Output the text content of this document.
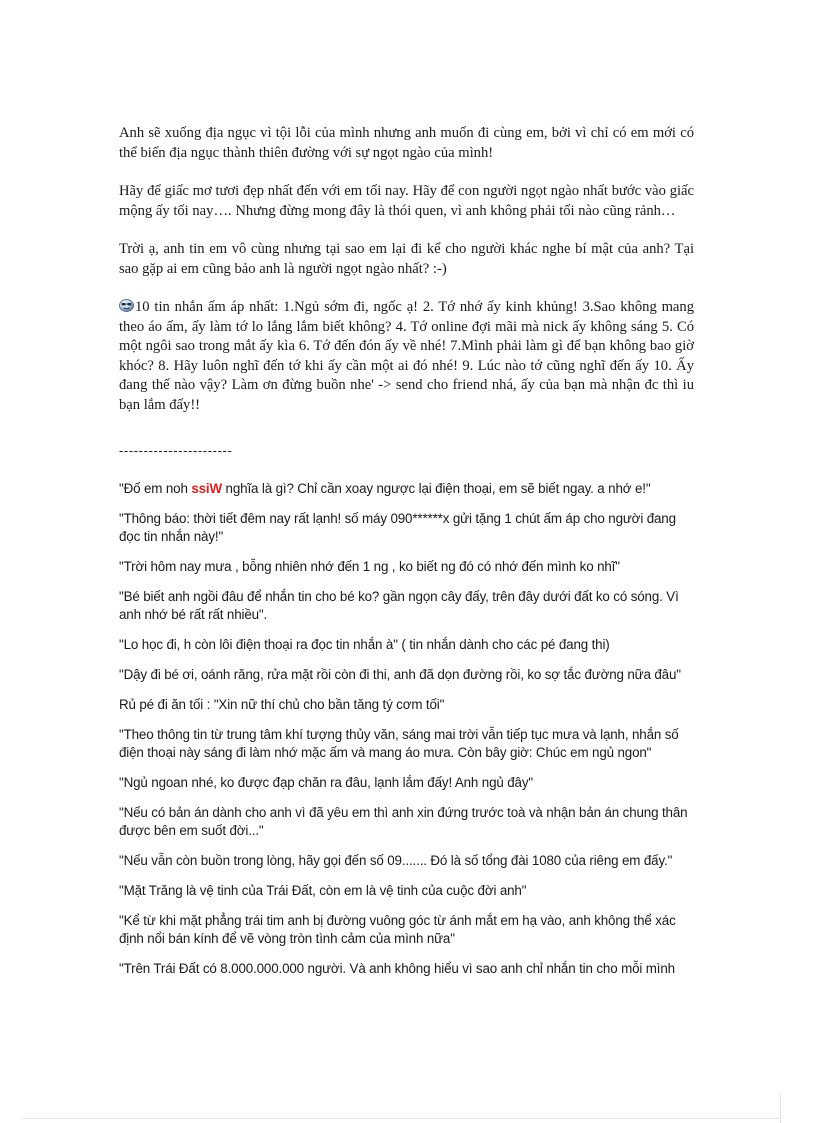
Anh sẽ xuống địa ngục vì tội lỗi của mình nhưng anh muốn đi cùng em, bởi vì chỉ có em mới có thể biến địa ngục thành thiên đường với sự ngọt ngào của mình!

Hãy để giấc mơ tươi đẹp nhất đến với em tối nay. Hãy để con người ngọt ngào nhất bước vào giấc mộng ấy tối nay…. Nhưng đừng mong đây là thói quen, vì anh không phải tối nào cũng rảnh…

Trời ạ, anh tin em vô cùng nhưng tại sao em lại đi kể cho người khác nghe bí mật của anh? Tại sao gặp ai em cũng bảo anh là người ngọt ngào nhất? :-)

10 tin nhắn ấm áp nhất: 1.Ngủ sớm đi, ngốc ạ! 2. Tớ nhớ ấy kinh khủng! 3.Sao không mang theo áo ấm, ấy làm tớ lo lắng lắm biết không? 4. Tớ online đợi mãi mà nick ấy không sáng 5. Có một ngôi sao trong mắt ấy kìa 6. Tớ đến đón ấy về nhé! 7.Mình phải làm gì để bạn không bao giờ khóc? 8. Hãy luôn nghĩ đến tớ khi ấy cần một ai đó nhé! 9. Lúc nào tớ cũng nghĩ đến ấy 10. Ấy đang thế nào vậy? Làm ơn đừng buồn nhe' -> send cho friend nhá, ấy của bạn mà nhận đc thì iu bạn lắm đấy!!

-----------------------

"Đố em noh ssiW nghĩa là gì? Chỉ cần xoay ngược lại điện thoại, em sẽ biết ngay. a nhớ e!"

"Thông báo: thời tiết đêm nay rất lạnh! số máy 090******x gửi tặng 1 chút ấm áp cho người đang đọc tin nhắn này!"

"Trời hôm nay mưa , bỗng nhiên nhớ đến 1 ng , ko biết ng đó có nhớ đến mình ko nhĩ"

"Bé biết anh ngồi đâu để nhắn tin cho bé ko? gần ngọn cây đấy, trên đây dưới đất ko có sóng. Vì anh nhớ bé rất rất nhiều".

"Lo học đi, h còn lôi điện thoại ra đọc tin nhắn à" ( tin nhắn dành cho các pé đang thi)

"Dậy đi bé ơi, oánh răng, rửa mặt rồi còn đi thi, anh đã dọn đường rồi, ko sợ tắc đường nữa đâu"

Rủ pé đi ăn tối : "Xin nữ thí chủ cho bần tăng tý cơm tối"

"Theo thông tin từ trung tâm khí tượng thủy văn, sáng mai trời vẫn tiếp tục mưa và lạnh, nhắn số điện thoại này sáng đi làm nhớ mặc ấm và mang áo mưa. Còn bây giờ: Chúc em ngủ ngon"

"Ngủ ngoan nhé, ko được đạp chăn ra đâu, lạnh lắm đấy! Anh ngủ đây"

"Nếu có bản án dành cho anh vì đã yêu em thì anh xin đứng trước toà và nhận bản án chung thân được bên em suốt đời..."

"Nếu vẫn còn buồn trong lòng, hãy gọi đến số 09....... Đó là số tổng đài 1080 của riêng em đấy."

"Mặt Trăng là vệ tinh của Trái Đất, còn em là vệ tinh của cuộc đời anh"

"Kể từ khi mặt phẳng trái tim anh bị đường vuông góc từ ánh mắt em hạ vào, anh không thể xác định nổi bán kính để vẽ vòng tròn tình cảm của mình nữa"

"Trên Trái Đất có 8.000.000.000 người. Và anh không hiểu vì sao anh chỉ nhắn tin cho mỗi mình
